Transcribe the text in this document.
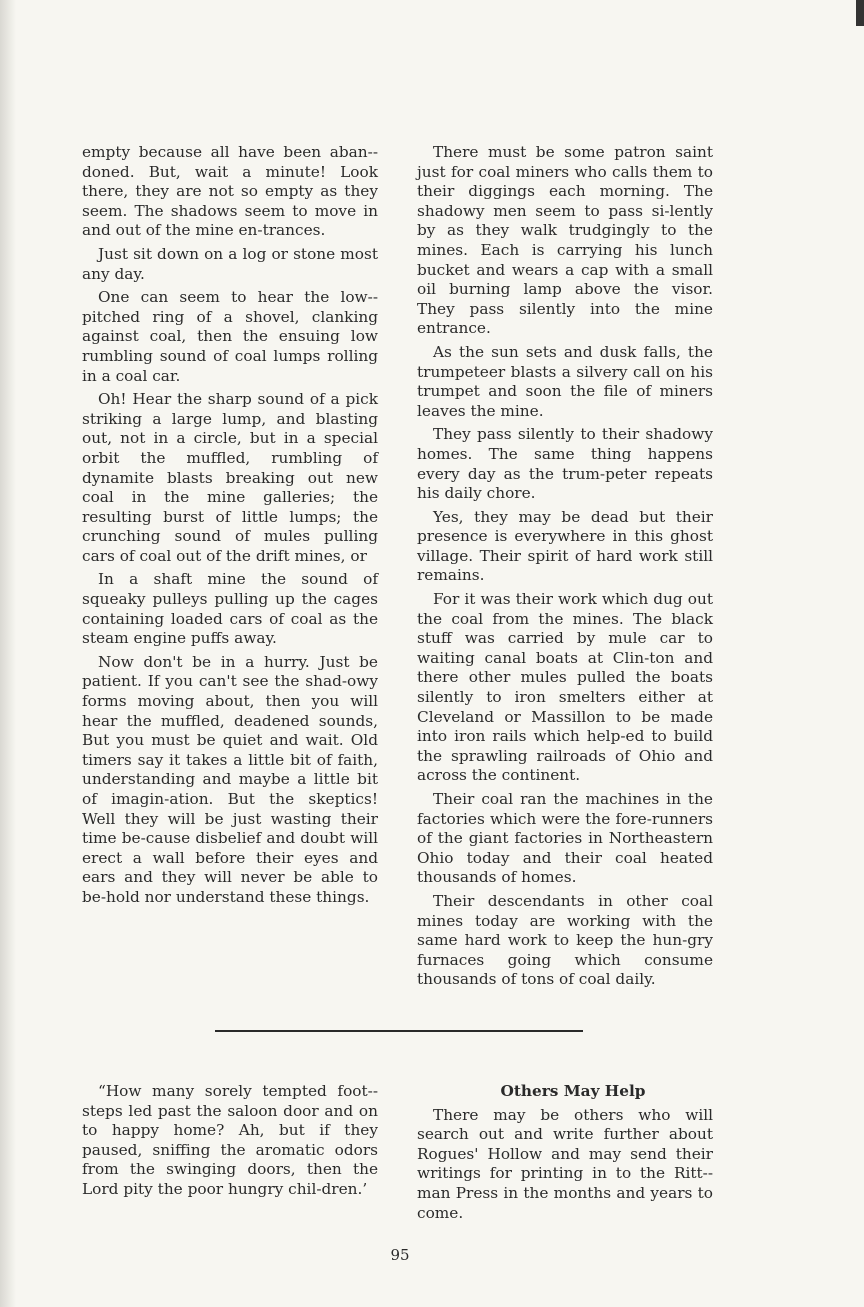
empty because all have been aban-doned. But, wait a minute! Look there, they are not so empty as they seem. The shadows seem to move in and out of the mine en-trances.

Just sit down on a log or stone most any day.

One can seem to hear the low-pitched ring of a shovel, clanking against coal, then the ensuing low rumbling sound of coal lumps rolling in a coal car.

Oh! Hear the sharp sound of a pick striking a large lump, and blasting out, not in a circle, but in a special orbit the muffled, rumbling of dynamite blasts breaking out new coal in the mine galleries; the resulting burst of little lumps; the crunching sound of mules pulling cars of coal out of the drift mines, or

In a shaft mine the sound of squeaky pulleys pulling up the cages containing loaded cars of coal as the steam engine puffs away.

Now don't be in a hurry. Just be patient. If you can't see the shad-owy forms moving about, then you will hear the muffled, deadened sounds, But you must be quiet and wait. Old timers say it takes a little bit of faith, understanding and maybe a little bit of imagin-ation. But the skeptics! Well they will be just wasting their time be-cause disbelief and doubt will erect a wall before their eyes and ears and they will never be able to be-hold nor understand these things.

There must be some patron saint just for coal miners who calls them to their diggings each morning. The shadowy men seem to pass si-lently by as they walk trudgingly to the mines. Each is carrying his lunch bucket and wears a cap with a small oil burning lamp above the visor. They pass silently into the mine entrance.

As the sun sets and dusk falls, the trumpeteer blasts a silvery call on his trumpet and soon the file of miners leaves the mine.

They pass silently to their shadowy homes. The same thing happens every day as the trum-peter repeats his daily chore.

Yes, they may be dead but their presence is everywhere in this ghost village. Their spirit of hard work still remains.

For it was their work which dug out the coal from the mines. The black stuff was carried by mule car to waiting canal boats at Clin-ton and there other mules pulled the boats silently to iron smelters either at Cleveland or Massillon to be made into iron rails which help-ed to build the sprawling railroads of Ohio and across the continent.

Their coal ran the machines in the factories which were the fore-runners of the giant factories in Northeastern Ohio today and their coal heated thousands of homes.

Their descendants in other coal mines today are working with the same hard work to keep the hun-gry furnaces going which consume thousands of tons of coal daily.

“How many sorely tempted foot-steps led past the saloon door and on to happy home? Ah, but if they paused, sniffing the aromatic odors from the swinging doors, then the Lord pity the poor hungry chil-dren.’

Others May Help

There may be others who will search out and write further about Rogues' Hollow and may send their writings for printing in to the Ritt-man Press in the months and years to come.

95
